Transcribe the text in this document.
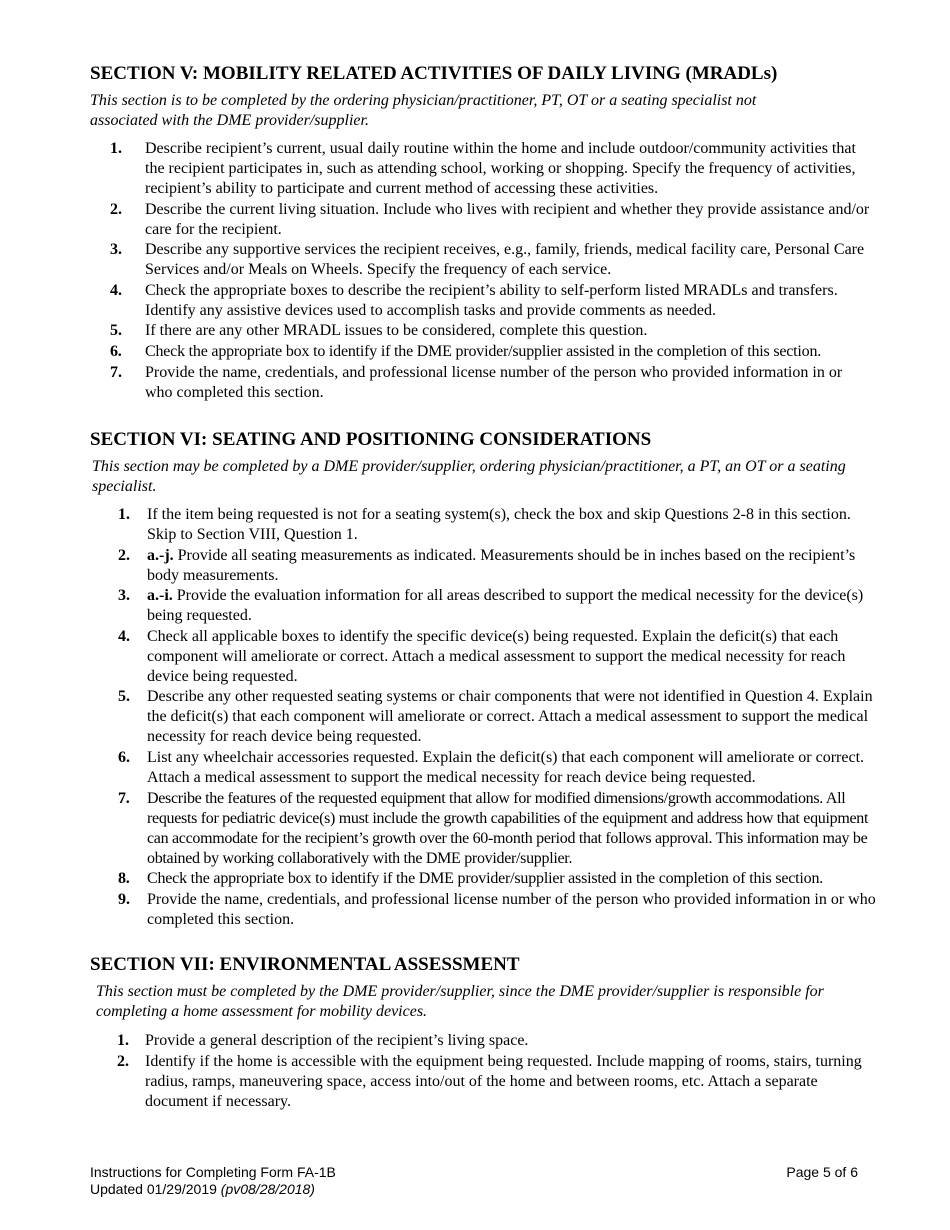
SECTION V: MOBILITY RELATED ACTIVITIES OF DAILY LIVING (MRADLs)

This section is to be completed by the ordering physician/practitioner, PT, OT or a seating specialist not associated with the DME provider/supplier.

1. Describe recipient’s current, usual daily routine within the home and include outdoor/community activities that the recipient participates in, such as attending school, working or shopping. Specify the frequency of activities, recipient’s ability to participate and current method of accessing these activities.
2. Describe the current living situation. Include who lives with recipient and whether they provide assistance and/or care for the recipient.
3. Describe any supportive services the recipient receives, e.g., family, friends, medical facility care, Personal Care Services and/or Meals on Wheels. Specify the frequency of each service.
4. Check the appropriate boxes to describe the recipient’s ability to self-perform listed MRADLs and transfers. Identify any assistive devices used to accomplish tasks and provide comments as needed.
5. If there are any other MRADL issues to be considered, complete this question.
6. Check the appropriate box to identify if the DME provider/supplier assisted in the completion of this section.
7. Provide the name, credentials, and professional license number of the person who provided information in or who completed this section.
SECTION VI: SEATING AND POSITIONING CONSIDERATIONS

This section may be completed by a DME provider/supplier, ordering physician/practitioner, a PT, an OT or a seating specialist.

1. If the item being requested is not for a seating system(s), check the box and skip Questions 2-8 in this section. Skip to Section VIII, Question 1.
2. a.-j. Provide all seating measurements as indicated. Measurements should be in inches based on the recipient’s body measurements.
3. a.-i. Provide the evaluation information for all areas described to support the medical necessity for the device(s) being requested.
4. Check all applicable boxes to identify the specific device(s) being requested. Explain the deficit(s) that each component will ameliorate or correct. Attach a medical assessment to support the medical necessity for reach device being requested.
5. Describe any other requested seating systems or chair components that were not identified in Question 4. Explain the deficit(s) that each component will ameliorate or correct. Attach a medical assessment to support the medical necessity for reach device being requested.
6. List any wheelchair accessories requested. Explain the deficit(s) that each component will ameliorate or correct. Attach a medical assessment to support the medical necessity for reach device being requested.
7. Describe the features of the requested equipment that allow for modified dimensions/growth accommodations. All requests for pediatric device(s) must include the growth capabilities of the equipment and address how that equipment can accommodate for the recipient’s growth over the 60-month period that follows approval. This information may be obtained by working collaboratively with the DME provider/supplier.
8. Check the appropriate box to identify if the DME provider/supplier assisted in the completion of this section.
9. Provide the name, credentials, and professional license number of the person who provided information in or who completed this section.
SECTION VII: ENVIRONMENTAL ASSESSMENT

This section must be completed by the DME provider/supplier, since the DME provider/supplier is responsible for completing a home assessment for mobility devices.

1. Provide a general description of the recipient’s living space.
2. Identify if the home is accessible with the equipment being requested. Include mapping of rooms, stairs, turning radius, ramps, maneuvering space, access into/out of the home and between rooms, etc. Attach a separate document if necessary.
Instructions for Completing Form FA-1B
Updated 01/29/2019 (pv08/28/2018)
Page 5 of 6
